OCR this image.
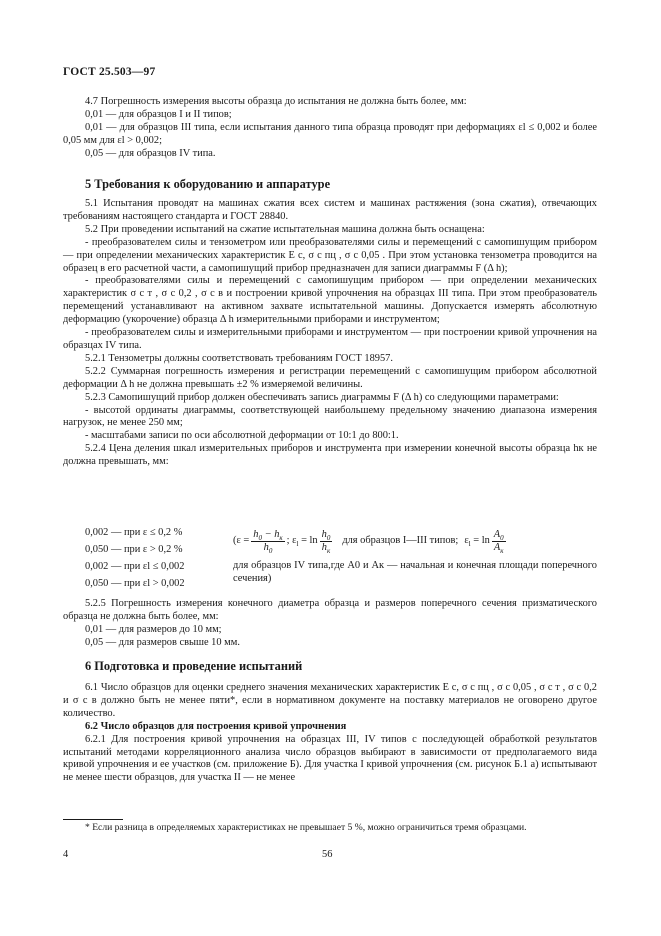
ГОСТ 25.503—97

4.7 Погрешность измерения высоты образца до испытания не должна быть более, мм:

0,01 — для образцов I и II типов;

0,01 — для образцов III типа, если испытания данного типа образца проводят при деформациях εl ≤ 0,002 и более 0,05 мм для εl > 0,002;

0,05 — для образцов IV типа.

5 Требования к оборудованию и аппаратуре

5.1 Испытания проводят на машинах сжатия всех систем и машинах растяжения (зона сжатия), отвечающих требованиям настоящего стандарта и ГОСТ 28840.

5.2 При проведении испытаний на сжатие испытательная машина должна быть оснащена:

- преобразователем силы и тензометром или преобразователями силы и перемещений с самопишущим прибором — при определении механических характеристик E с, σ с пц , σ с 0,05 . При этом установка тензометра проводится на образец в его расчетной части, а самопишущий прибор предназначен для записи диаграммы F (Δ h);

- преобразователями силы и перемещений с самопишущим прибором — при определении механических характеристик σ с т , σ с 0,2 , σ с в и построении кривой упрочнения на образцах III типа. При этом преобразователь перемещений устанавливают на активном захвате испытательной машины. Допускается измерять абсолютную деформацию (укорочение) образца Δ h измерительными приборами и инструментом;

- преобразователем силы и измерительными приборами и инструментом — при построении кривой упрочнения на образцах IV типа.

5.2.1 Тензометры должны соответствовать требованиям ГОСТ 18957.

5.2.2 Суммарная погрешность измерения и регистрации перемещений с самопишущим прибором абсолютной деформации Δ h не должна превышать ±2 % измеряемой величины.

5.2.3 Самопишущий прибор должен обеспечивать запись диаграммы F (Δ h) со следующими параметрами:

- высотой ординаты диаграммы, соответствующей наибольшему предельному значению диапазона измерения нагрузок, не менее 250 мм;

- масштабами записи по оси абсолютной деформации от 10:1 до 800:1.

5.2.4 Цена деления шкал измерительных приборов и инструмента при измерении конечной высоты образца hк не должна превышать, мм:

0,002 — при ε ≤ 0,2 %
0,050 — при ε > 0,2 %
0,002 — при εl ≤ 0,002
0,050 — при εl > 0,002
($\varepsilon = \frac{h_0 - h_к}{h_0}$ ; $\varepsilon_l = \ln \frac{h_0}{h_к}$ для образцов I—III типов; $\varepsilon_l = \ln \frac{A_0}{A_к}$
для образцов IV типа,где A0 и Aк — начальная и конечная площади поперечного сечения)

5.2.5 Погрешность измерения конечного диаметра образца и размеров поперечного сечения призматического образца не должна быть более, мм:

0,01 — для размеров до 10 мм;

0,05 — для размеров свыше 10 мм.

6 Подготовка и проведение испытаний

6.1 Число образцов для оценки среднего значения механических характеристик E с, σ с пц , σ с 0,05 , σ с т , σ с 0,2 и σ с в должно быть не менее пяти*, если в нормативном документе на поставку материалов не оговорено другое количество.

6.2 Число образцов для построения кривой упрочнения

6.2.1 Для построения кривой упрочнения на образцах III, IV типов с последующей обработкой результатов испытаний методами корреляционного анализа число образцов выбирают в зависимости от предполагаемого вида кривой упрочнения и ее участков (см. приложение Б). Для участка I кривой упрочнения (см. рисунок Б.1 а) испытывают не менее шести образцов, для участка II — не менее

* Если разница в определяемых характеристиках не превышает 5 %, можно ограничиться тремя образцами.
4	56
